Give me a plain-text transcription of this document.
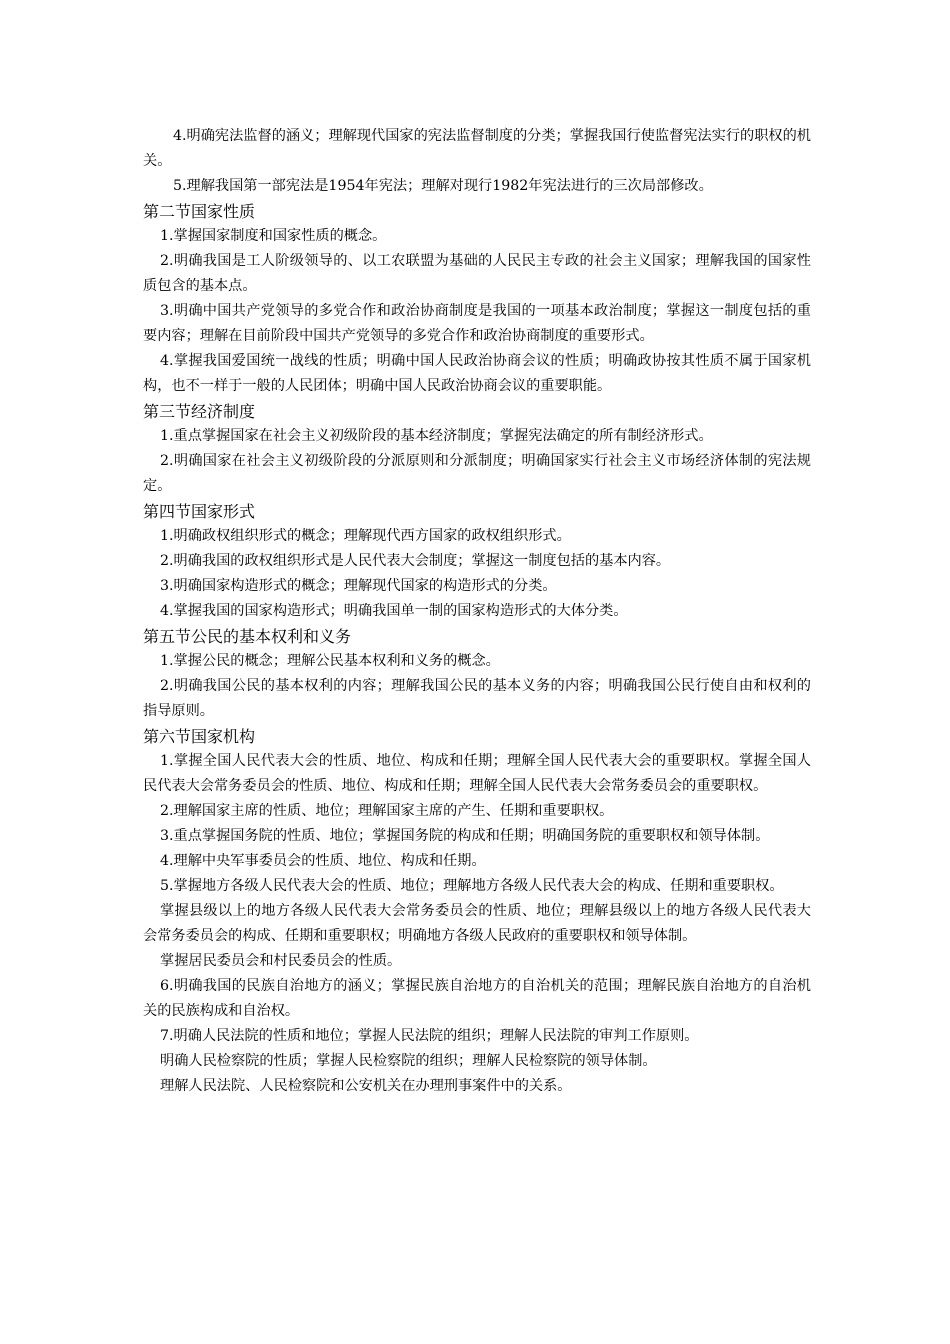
4.明确宪法监督的涵义；理解现代国家的宪法监督制度的分类；掌握我国行使监督宪法实行的职权的机关。

5.理解我国第一部宪法是1954年宪法；理解对现行1982年宪法进行的三次局部修改。

第二节国家性质

1.掌握国家制度和国家性质的概念。

2.明确我国是工人阶级领导的、以工农联盟为基础的人民民主专政的社会主义国家；理解我国的国家性质包含的基本点。

3.明确中国共产党领导的多党合作和政治协商制度是我国的一项基本政治制度；掌握这一制度包括的重要内容；理解在目前阶段中国共产党领导的多党合作和政治协商制度的重要形式。

4.掌握我国爱国统一战线的性质；明确中国人民政治协商会议的性质；明确政协按其性质不属于国家机构，也不一样于一般的人民团体；明确中国人民政治协商会议的重要职能。

第三节经济制度

1.重点掌握国家在社会主义初级阶段的基本经济制度；掌握宪法确定的所有制经济形式。

2.明确国家在社会主义初级阶段的分派原则和分派制度；明确国家实行社会主义市场经济体制的宪法规定。

第四节国家形式

1.明确政权组织形式的概念；理解现代西方国家的政权组织形式。

2.明确我国的政权组织形式是人民代表大会制度；掌握这一制度包括的基本内容。

3.明确国家构造形式的概念；理解现代国家的构造形式的分类。

4.掌握我国的国家构造形式；明确我国单一制的国家构造形式的大体分类。

第五节公民的基本权利和义务

1.掌握公民的概念；理解公民基本权利和义务的概念。

2.明确我国公民的基本权利的内容；理解我国公民的基本义务的内容；明确我国公民行使自由和权利的指导原则。

第六节国家机构

1.掌握全国人民代表大会的性质、地位、构成和任期；理解全国人民代表大会的重要职权。掌握全国人民代表大会常务委员会的性质、地位、构成和任期；理解全国人民代表大会常务委员会的重要职权。

2.理解国家主席的性质、地位；理解国家主席的产生、任期和重要职权。

3.重点掌握国务院的性质、地位；掌握国务院的构成和任期；明确国务院的重要职权和领导体制。

4.理解中央军事委员会的性质、地位、构成和任期。

5.掌握地方各级人民代表大会的性质、地位；理解地方各级人民代表大会的构成、任期和重要职权。

掌握县级以上的地方各级人民代表大会常务委员会的性质、地位；理解县级以上的地方各级人民代表大会常务委员会的构成、任期和重要职权；明确地方各级人民政府的重要职权和领导体制。

掌握居民委员会和村民委员会的性质。

6.明确我国的民族自治地方的涵义；掌握民族自治地方的自治机关的范围；理解民族自治地方的自治机关的民族构成和自治权。

7.明确人民法院的性质和地位；掌握人民法院的组织；理解人民法院的审判工作原则。

明确人民检察院的性质；掌握人民检察院的组织；理解人民检察院的领导体制。

理解人民法院、人民检察院和公安机关在办理刑事案件中的关系。
